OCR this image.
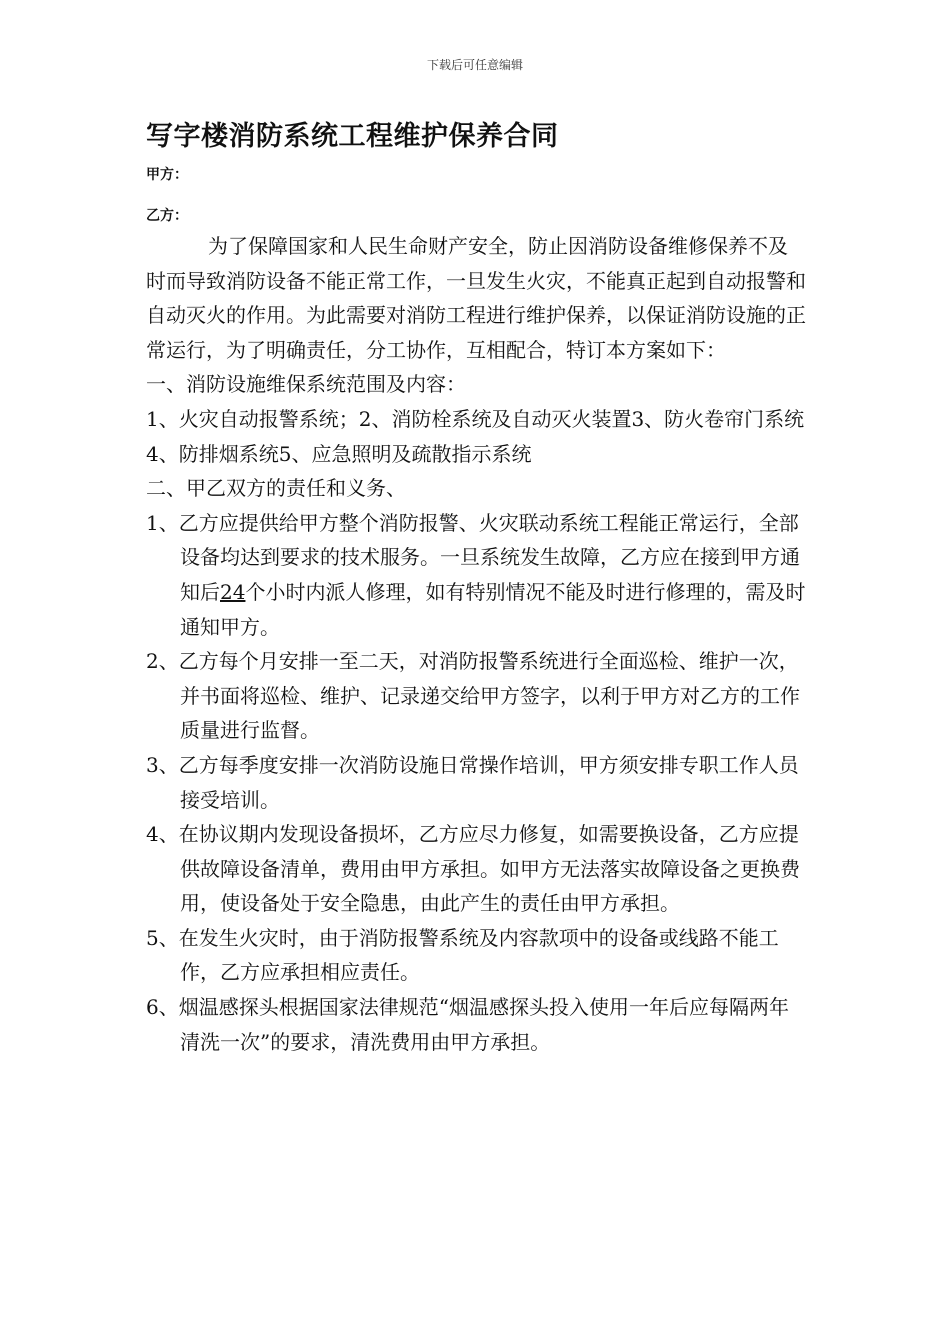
下载后可任意编辑
写字楼消防系统工程维护保养合同
甲方：
乙方：

为了保障国家和人民生命财产安全，防止因消防设备维修保养不及时而导致消防设备不能正常工作，一旦发生火灾，不能真正起到自动报警和自动灭火的作用。为此需要对消防工程进行维护保养，以保证消防设施的正常运行，为了明确责任，分工协作，互相配合，特订本方案如下：

一、消防设施维保系统范围及内容：

1、火灾自动报警系统；2、消防栓系统及自动灭火装置3、防火卷帘门系统4、防排烟系统5、应急照明及疏散指示系统

二、甲乙双方的责任和义务、

1、乙方应提供给甲方整个消防报警、火灾联动系统工程能正常运行，全部设备均达到要求的技术服务。一旦系统发生故障，乙方应在接到甲方通知后24个小时内派人修理，如有特别情况不能及时进行修理的，需及时通知甲方。

2、乙方每个月安排一至二天，对消防报警系统进行全面巡检、维护一次，并书面将巡检、维护、记录递交给甲方签字，以利于甲方对乙方的工作质量进行监督。

3、乙方每季度安排一次消防设施日常操作培训，甲方须安排专职工作人员接受培训。

4、在协议期内发现设备损坏，乙方应尽力修复，如需要换设备，乙方应提供故障设备清单，费用由甲方承担。如甲方无法落实故障设备之更换费用，使设备处于安全隐患，由此产生的责任由甲方承担。

5、在发生火灾时，由于消防报警系统及内容款项中的设备或线路不能工作，乙方应承担相应责任。

6、烟温感探头根据国家法律规范“烟温感探头投入使用一年后应每隔两年清洗一次”的要求，清洗费用由甲方承担。
